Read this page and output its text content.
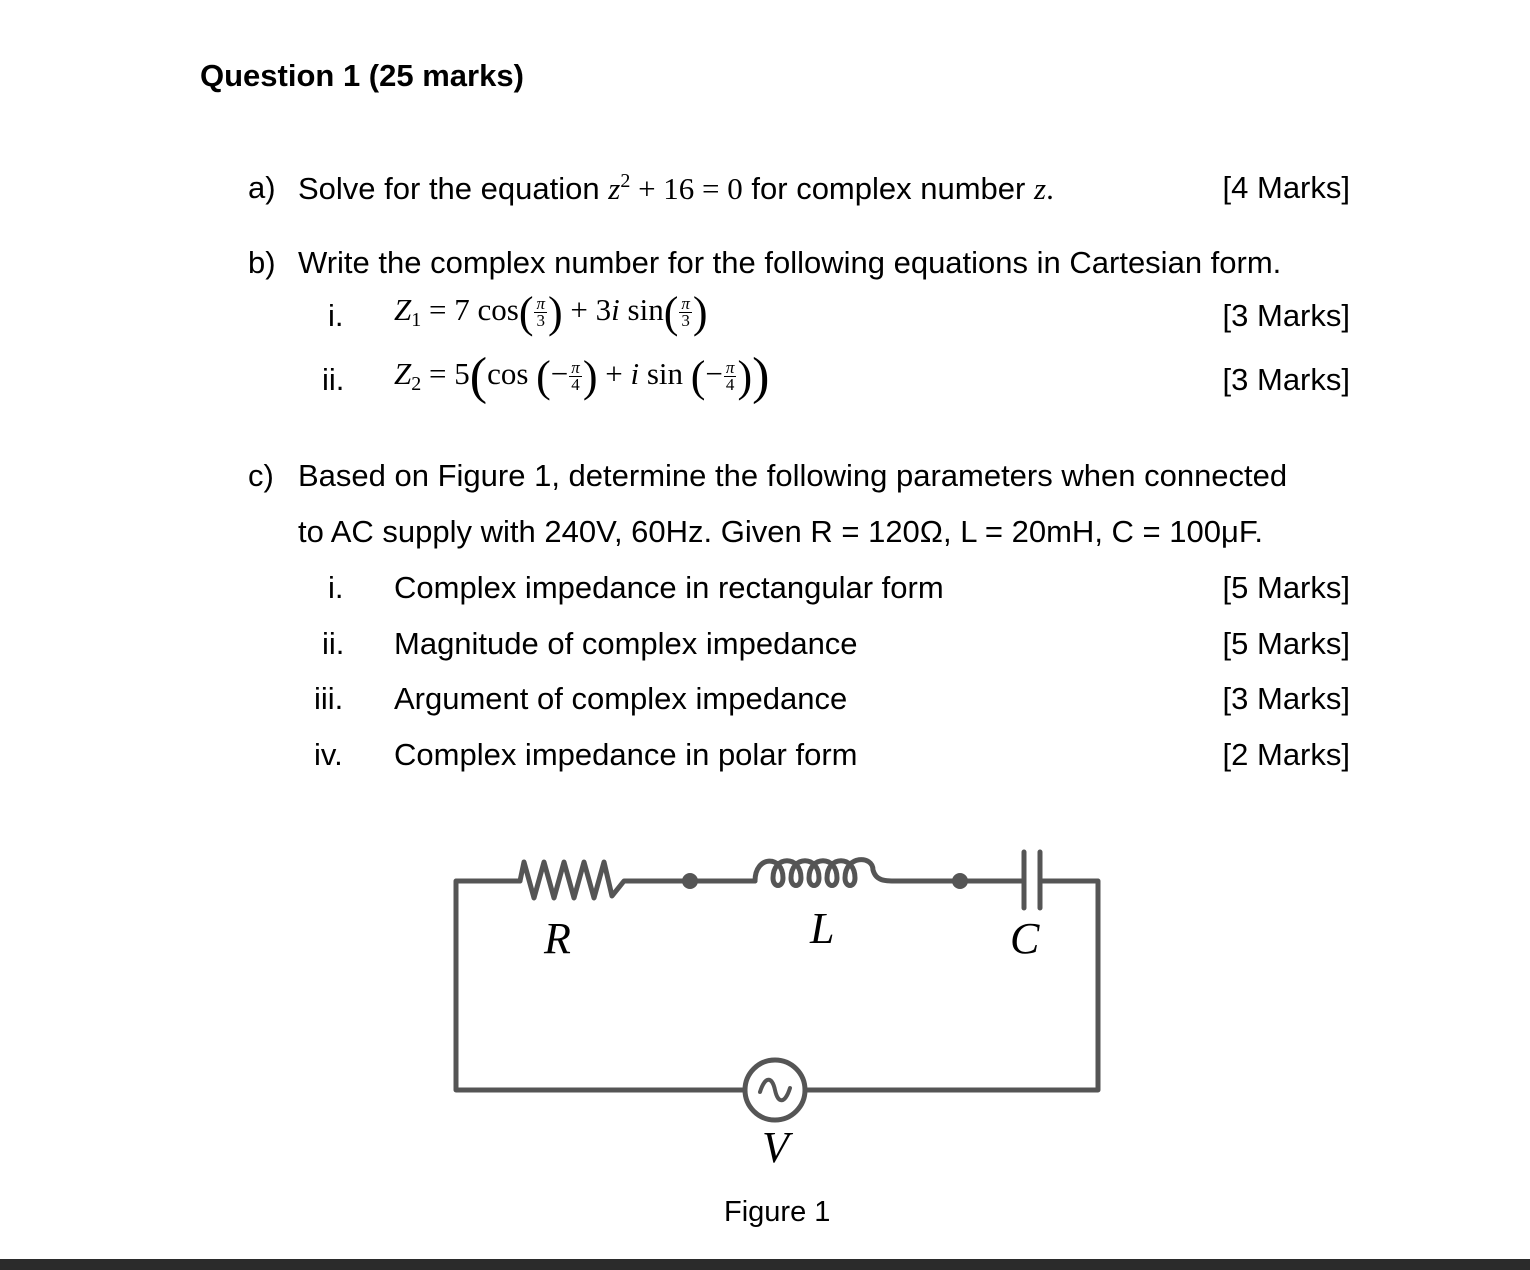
Question 1 (25 marks)
a) Solve for the equation $z^2 + 16 = 0$ for complex number z.	[4 Marks]
b) Write the complex number for the following equations in Cartesian form.
i. $Z_1 = 7$ $\cos( \frac{\pi}{3}$ ) + 3i $\sin( \frac{\pi}{3}$ )	[3 Marks]
ii. $Z_2 = 5(\cos$ (− $\frac{\pi}{4}$ ) + i sin (− $\frac{\pi}{4}$ ))	[3 Marks]
c) Based on Figure 1, determine the following parameters when connected
to AC supply with 240V, 60Hz. Given R = 120Ω, L = 20mH, C = 100μF.
i. Complex impedance in rectangular form	[5 Marks]
ii. Magnitude of complex impedance	[5 Marks]
iii. Argument of complex impedance	[3 Marks]
iv. Complex impedance in polar form	[2 Marks]
R	L	C
V
Figure 1
